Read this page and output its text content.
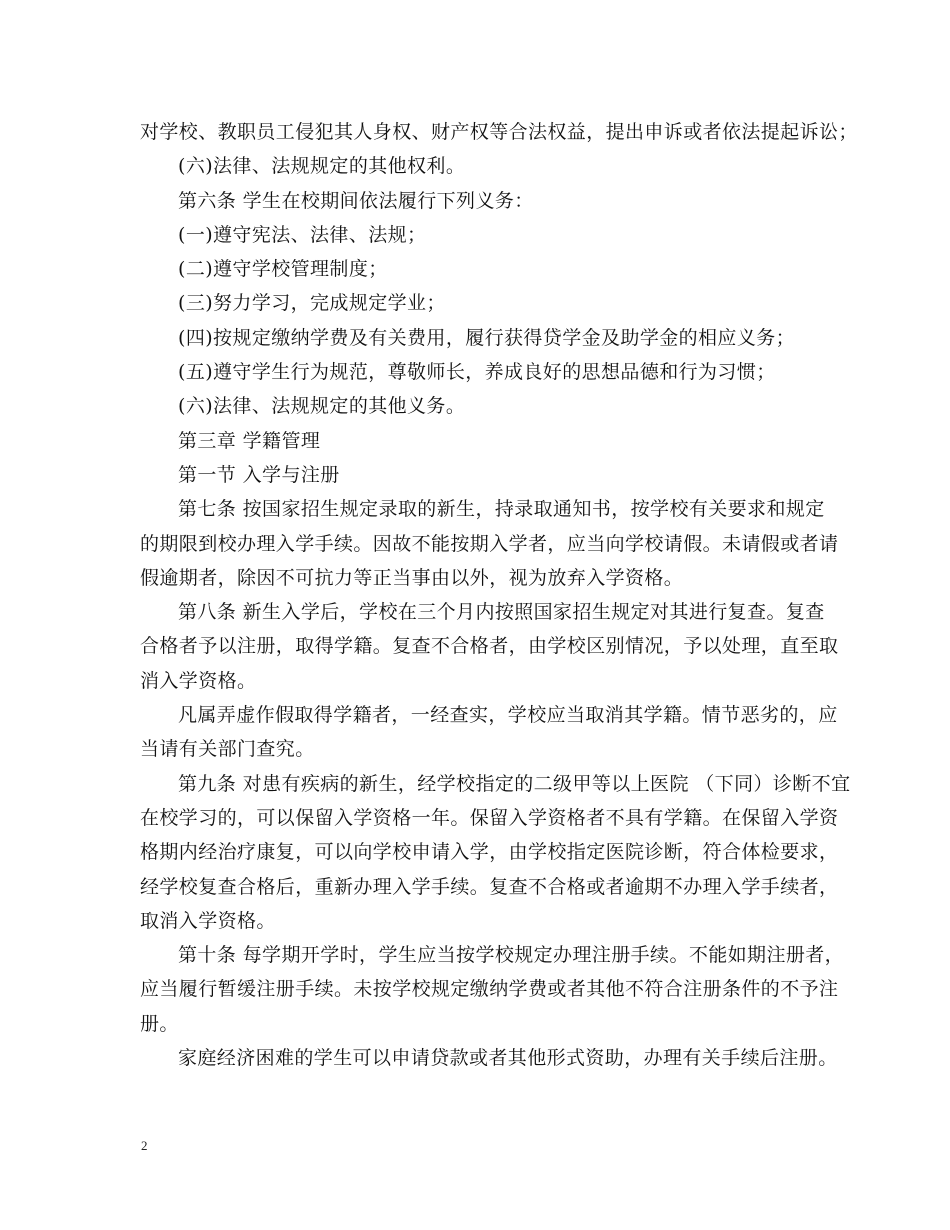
对学校、教职员工侵犯其人身权、财产权等合法权益，提出申诉或者依法提起诉讼；
(六)法律、法规规定的其他权利。
第六条 学生在校期间依法履行下列义务：
(一)遵守宪法、法律、法规；
(二)遵守学校管理制度；
(三)努力学习，完成规定学业；
(四)按规定缴纳学费及有关费用，履行获得贷学金及助学金的相应义务；
(五)遵守学生行为规范，尊敬师长，养成良好的思想品德和行为习惯；
(六)法律、法规规定的其他义务。
第三章 学籍管理
第一节 入学与注册
第七条 按国家招生规定录取的新生，持录取通知书，按学校有关要求和规定
的期限到校办理入学手续。因故不能按期入学者，应当向学校请假。未请假或者请
假逾期者，除因不可抗力等正当事由以外，视为放弃入学资格。
第八条 新生入学后，学校在三个月内按照国家招生规定对其进行复查。复查
合格者予以注册，取得学籍。复查不合格者，由学校区别情况，予以处理，直至取
消入学资格。
凡属弄虚作假取得学籍者，一经查实，学校应当取消其学籍。情节恶劣的，应
当请有关部门查究。
第九条 对患有疾病的新生，经学校指定的二级甲等以上医院 （下同）诊断不宜
在校学习的，可以保留入学资格一年。保留入学资格者不具有学籍。在保留入学资
格期内经治疗康复，可以向学校申请入学，由学校指定医院诊断，符合体检要求，
经学校复查合格后，重新办理入学手续。复查不合格或者逾期不办理入学手续者，
取消入学资格。
第十条 每学期开学时，学生应当按学校规定办理注册手续。不能如期注册者，
应当履行暂缓注册手续。未按学校规定缴纳学费或者其他不符合注册条件的不予注
册。
家庭经济困难的学生可以申请贷款或者其他形式资助，办理有关手续后注册。
2
